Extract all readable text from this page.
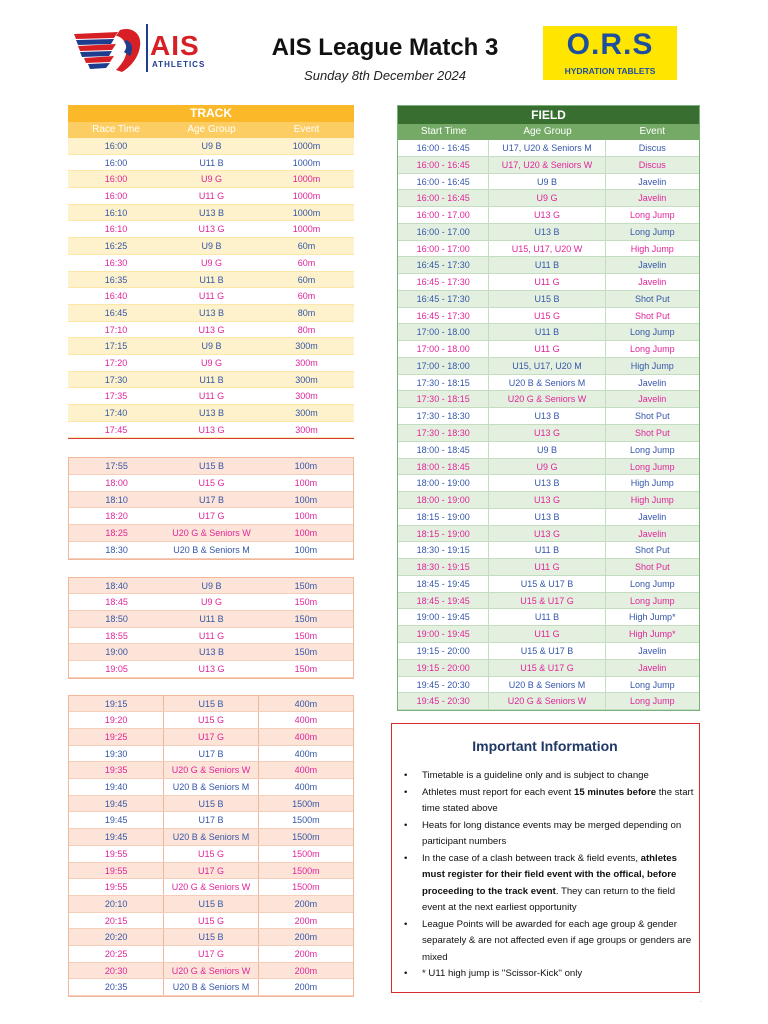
AIS
ATHLETICS
AIS League Match 3
Sunday 8th December 2024
O.R.S
HYDRATION TABLETS
TRACK
Race Time	Age Group	Event
16:00	U9 B	1000m
16:00	U11 B	1000m
16:00	U9 G	1000m
16:00	U11 G	1000m
16:10	U13 B	1000m
16:10	U13 G	1000m
16:25	U9 B	60m
16:30	U9 G	60m
16:35	U11 B	60m
16:40	U11 G	60m
16:45	U13 B	80m
17:10	U13 G	80m
17:15	U9 B	300m
17:20	U9 G	300m
17:30	U11 B	300m
17:35	U11 G	300m
17:40	U13 B	300m
17:45	U13 G	300m
17:55	U15 B	100m
18:00	U15 G	100m
18:10	U17 B	100m
18:20	U17 G	100m
18:25	U20 G & Seniors W	100m
18:30	U20 B & Seniors M	100m
18:40	U9 B	150m
18:45	U9 G	150m
18:50	U11 B	150m
18:55	U11 G	150m
19:00	U13 B	150m
19:05	U13 G	150m
19:15	U15 B	400m
19:20	U15 G	400m
19:25	U17 G	400m
19:30	U17 B	400m
19:35	U20 G & Seniors W	400m
19:40	U20 B & Seniors M	400m
19:45	U15 B	1500m
19:45	U17 B	1500m
19:45	U20 B & Seniors M	1500m
19:55	U15 G	1500m
19:55	U17 G	1500m
19:55	U20 G & Seniors W	1500m
20:10	U15 B	200m
20:15	U15 G	200m
20:20	U15 B	200m
20:25	U17 G	200m
20:30	U20 G & Seniors W	200m
20:35	U20 B & Seniors M	200m
FIELD
Start Time	Age Group	Event
16:00 - 16:45	U17, U20 & Seniors M	Discus
16:00 - 16:45	U17, U20 & Seniors W	Discus
16:00 - 16:45	U9 B	Javelin
16:00 - 16:45	U9 G	Javelin
16:00 - 17.00	U13 G	Long Jump
16:00 - 17.00	U13 B	Long Jump
16:00 - 17:00	U15, U17, U20 W	High Jump
16:45 - 17:30	U11 B	Javelin
16:45 - 17:30	U11 G	Javelin
16:45 - 17:30	U15 B	Shot Put
16:45 - 17:30	U15 G	Shot Put
17:00 - 18.00	U11 B	Long Jump
17:00 - 18.00	U11 G	Long Jump
17:00 - 18:00	U15, U17, U20 M	High Jump
17:30 - 18:15	U20 B & Seniors M	Javelin
17:30 - 18:15	U20 G & Seniors W	Javelin
17:30 - 18:30	U13 B	Shot Put
17:30 - 18:30	U13 G	Shot Put
18:00 - 18:45	U9 B	Long Jump
18:00 - 18:45	U9 G	Long Jump
18:00 - 19:00	U13 B	High Jump
18:00 - 19:00	U13 G	High Jump
18:15 - 19:00	U13 B	Javelin
18:15 - 19:00	U13 G	Javelin
18:30 - 19:15	U11 B	Shot Put
18:30 - 19:15	U11 G	Shot Put
18:45 - 19:45	U15 & U17 B	Long Jump
18:45 - 19:45	U15 & U17 G	Long Jump
19:00 - 19:45	U11 B	High Jump*
19:00 - 19:45	U11 G	High Jump*
19:15 - 20:00	U15 & U17 B	Javelin
19:15 - 20:00	U15 & U17 G	Javelin
19:45 - 20:30	U20 B & Seniors M	Long Jump
19:45 - 20:30	U20 G & Seniors W	Long Jump
Important Information
• Timetable is a guideline only and is subject to change
• Athletes must report for each event 15 minutes before the start time stated above
• Heats for long distance events may be merged depending on participant numbers
• In the case of a clash between track & field events, athletes must register for their field event with the offical, before proceeding to the track event. They can return to the field event at the next earliest opportunity
• League Points will be awarded for each age group & gender separately & are not affected even if age groups or genders are mixed
• * U11 high jump is ''Scissor-Kick'' only
.
